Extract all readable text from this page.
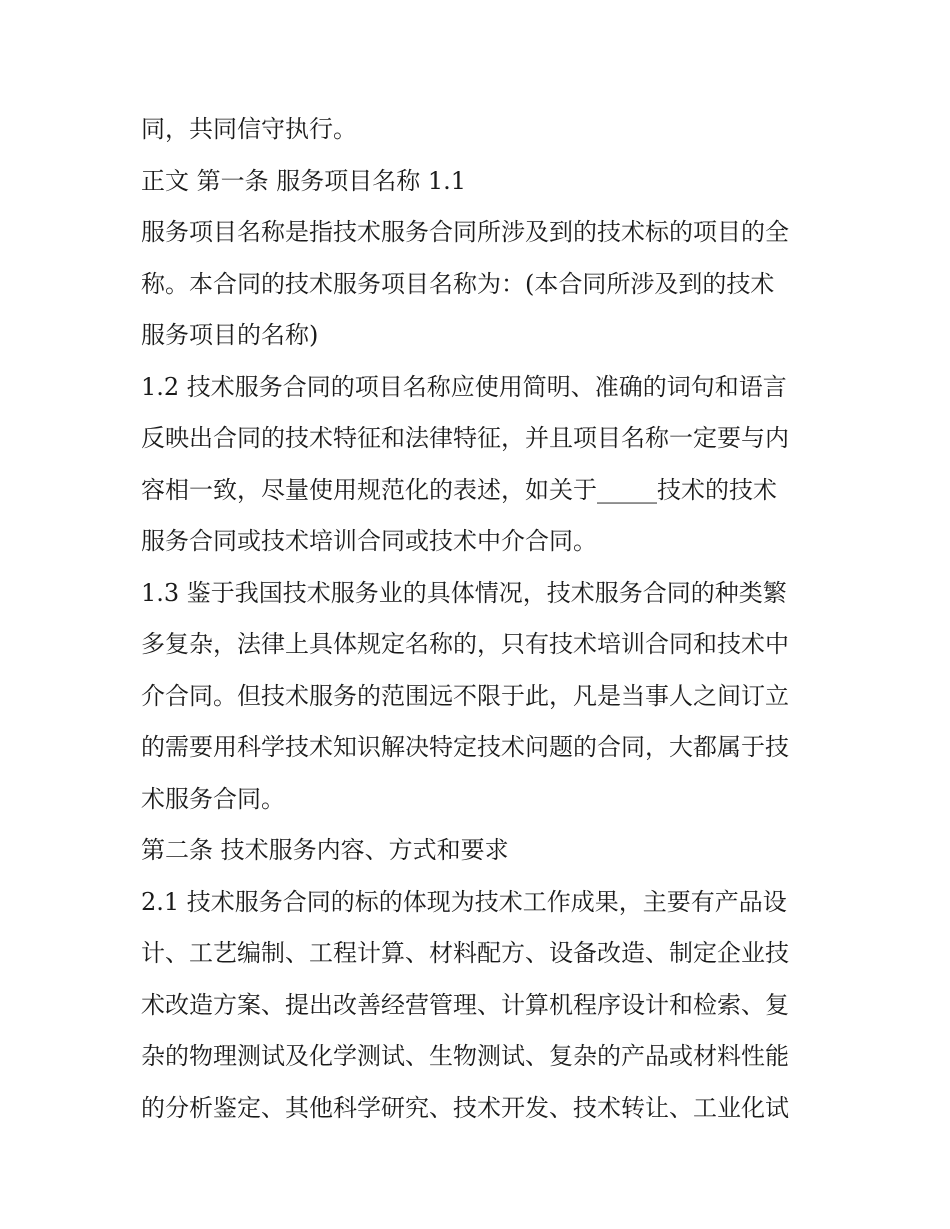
同，共同信守执行。
正文 第一条 服务项目名称 1.1
服务项目名称是指技术服务合同所涉及到的技术标的项目的全
称。本合同的技术服务项目名称为：(本合同所涉及到的技术
服务项目的名称)
1.2 技术服务合同的项目名称应使用简明、准确的词句和语言
反映出合同的技术特征和法律特征，并且项目名称一定要与内
容相一致，尽量使用规范化的表述，如关于_____技术的技术
服务合同或技术培训合同或技术中介合同。
1.3 鉴于我国技术服务业的具体情况，技术服务合同的种类繁
多复杂，法律上具体规定名称的，只有技术培训合同和技术中
介合同。但技术服务的范围远不限于此，凡是当事人之间订立
的需要用科学技术知识解决特定技术问题的合同，大都属于技
术服务合同。
第二条 技术服务内容、方式和要求
2.1 技术服务合同的标的体现为技术工作成果，主要有产品设
计、工艺编制、工程计算、材料配方、设备改造、制定企业技
术改造方案、提出改善经营管理、计算机程序设计和检索、复
杂的物理测试及化学测试、生物测试、复杂的产品或材料性能
的分析鉴定、其他科学研究、技术开发、技术转让、工业化试
